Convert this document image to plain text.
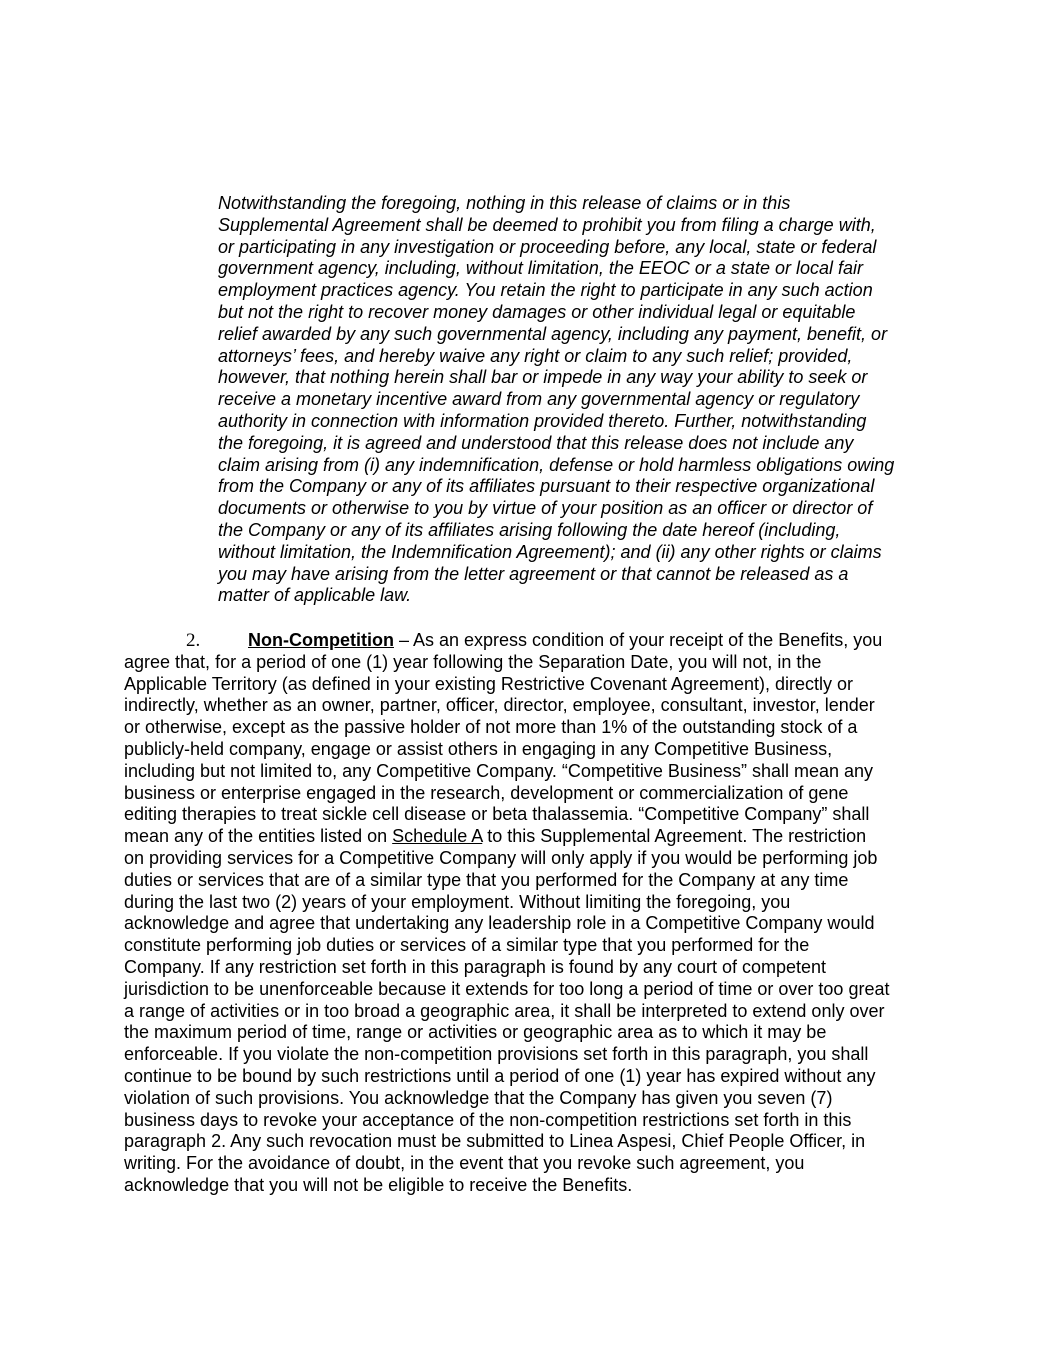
Notwithstanding the foregoing, nothing in this release of claims or in this
Supplemental Agreement shall be deemed to prohibit you from filing a charge with,
or participating in any investigation or proceeding before, any local, state or federal
government agency, including, without limitation, the EEOC or a state or local fair
employment practices agency. You retain the right to participate in any such action
but not the right to recover money damages or other individual legal or equitable
relief awarded by any such governmental agency, including any payment, benefit, or
attorneys’ fees, and hereby waive any right or claim to any such relief; provided,
however, that nothing herein shall bar or impede in any way your ability to seek or
receive a monetary incentive award from any governmental agency or regulatory
authority in connection with information provided thereto. Further, notwithstanding
the foregoing, it is agreed and understood that this release does not include any
claim arising from (i) any indemnification, defense or hold harmless obligations owing
from the Company or any of its affiliates pursuant to their respective organizational
documents or otherwise to you by virtue of your position as an officer or director of
the Company or any of its affiliates arising following the date hereof (including,
without limitation, the Indemnification Agreement); and (ii) any other rights or claims
you may have arising from the letter agreement or that cannot be released as a
matter of applicable law.
2.	Non-Competition – As an express condition of your receipt of the Benefits, you
agree that, for a period of one (1) year following the Separation Date, you will not, in the
Applicable Territory (as defined in your existing Restrictive Covenant Agreement), directly or
indirectly, whether as an owner, partner, officer, director, employee, consultant, investor, lender
or otherwise, except as the passive holder of not more than 1% of the outstanding stock of a
publicly-held company, engage or assist others in engaging in any Competitive Business,
including but not limited to, any Competitive Company. “Competitive Business” shall mean any
business or enterprise engaged in the research, development or commercialization of gene
editing therapies to treat sickle cell disease or beta thalassemia. “Competitive Company” shall
mean any of the entities listed on Schedule A to this Supplemental Agreement. The restriction
on providing services for a Competitive Company will only apply if you would be performing job
duties or services that are of a similar type that you performed for the Company at any time
during the last two (2) years of your employment. Without limiting the foregoing, you
acknowledge and agree that undertaking any leadership role in a Competitive Company would
constitute performing job duties or services of a similar type that you performed for the
Company. If any restriction set forth in this paragraph is found by any court of competent
jurisdiction to be unenforceable because it extends for too long a period of time or over too great
a range of activities or in too broad a geographic area, it shall be interpreted to extend only over
the maximum period of time, range or activities or geographic area as to which it may be
enforceable. If you violate the non-competition provisions set forth in this paragraph, you shall
continue to be bound by such restrictions until a period of one (1) year has expired without any
violation of such provisions. You acknowledge that the Company has given you seven (7)
business days to revoke your acceptance of the non-competition restrictions set forth in this
paragraph 2. Any such revocation must be submitted to Linea Aspesi, Chief People Officer, in
writing. For the avoidance of doubt, in the event that you revoke such agreement, you
acknowledge that you will not be eligible to receive the Benefits.
